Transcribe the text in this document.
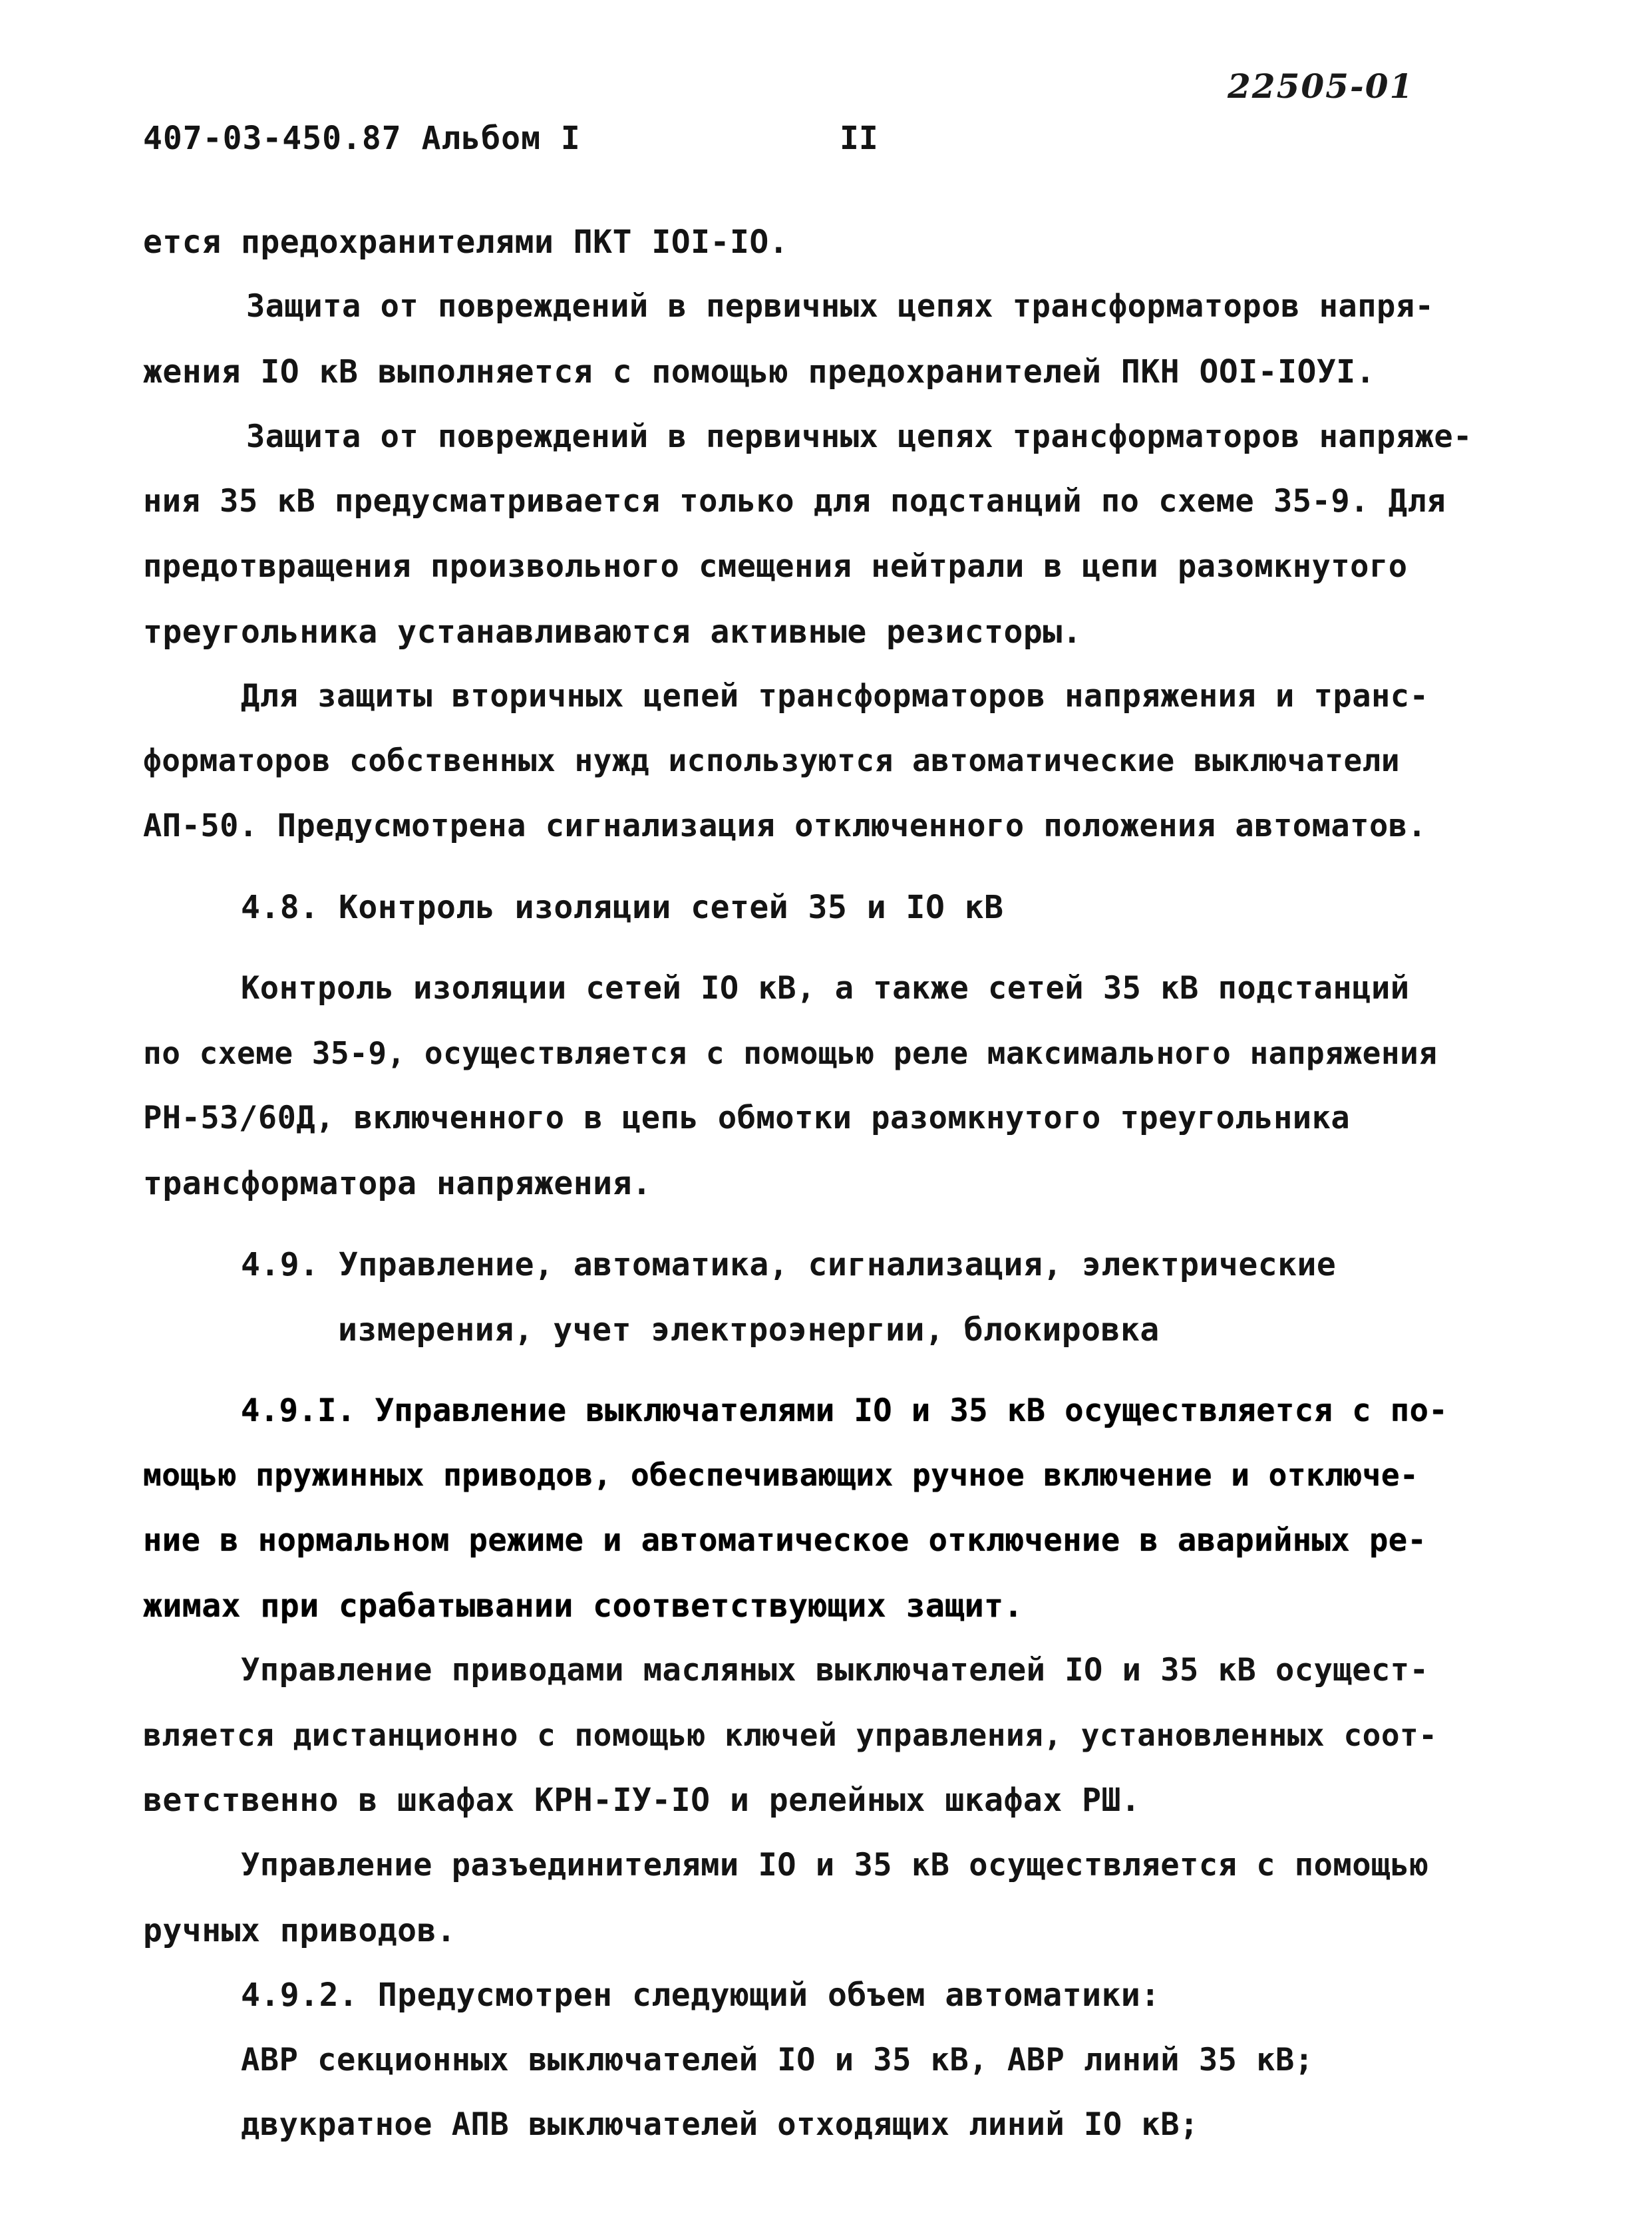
22505-01
407-03-450.87 Альбом I	II
ется предохранителями ПКТ IOI-IO.
Защита от повреждений в первичных цепях трансформаторов напря-
жения IO кВ выполняется с помощью предохранителей ПКН OOI-IOУI.
Защита от повреждений в первичных цепях трансформаторов напряже-
ния 35 кВ предусматривается только для подстанций по схеме 35-9. Для
предотвращения произвольного смещения нейтрали в цепи разомкнутого
треугольника устанавливаются активные резисторы.
Для защиты вторичных цепей трансформаторов напряжения и транс-
форматоров собственных нужд используются автоматические выключатели
АП-50. Предусмотрена сигнализация отключенного положения автоматов.
4.8. Контроль изоляции сетей 35 и IO кВ
Контроль изоляции сетей IO кВ, а также сетей 35 кВ подстанций
по схеме 35-9, осуществляется с помощью реле максимального напряжения
РН-53/60Д, включенного в цепь обмотки разомкнутого треугольника
трансформатора напряжения.
4.9. Управление, автоматика, сигнализация, электрические
измерения, учет электроэнергии, блокировка
4.9.I. Управление выключателями IO и 35 кВ осуществляется с по-
мощью пружинных приводов, обеспечивающих ручное включение и отключе-
ние в нормальном режиме и автоматическое отключение в аварийных ре-
жимах при срабатывании соответствующих защит.
Управление приводами масляных выключателей IO и 35 кВ осущест-
вляется дистанционно с помощью ключей управления, установленных соот-
ветственно в шкафах КРН-IУ-IO и релейных шкафах РШ.
Управление разъединителями IO и 35 кВ осуществляется с помощью
ручных приводов.
4.9.2. Предусмотрен следующий объем автоматики:
АВР секционных выключателей IO и 35 кВ, АВР линий 35 кВ;
двукратное АПВ выключателей отходящих линий IO кВ;
